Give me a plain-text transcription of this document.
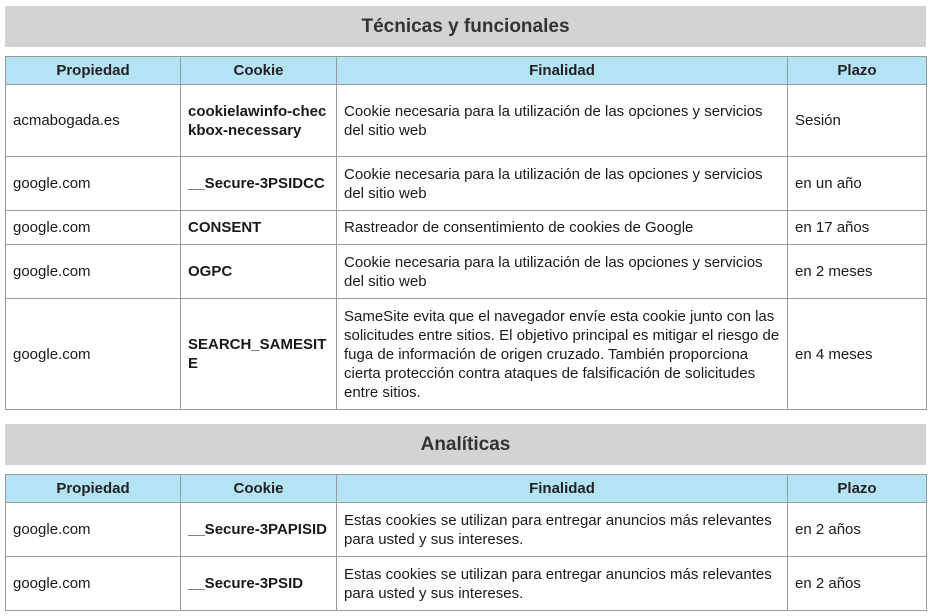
Técnicas y funcionales
Propiedad	Cookie	Finalidad	Plazo
acmabogada.es	cookielawinfo-checkbox-necessary	Cookie necesaria para la utilización de las opciones y servicios del sitio web	Sesión
google.com	__Secure-3PSIDCC	Cookie necesaria para la utilización de las opciones y servicios del sitio web	en un año
google.com	CONSENT	Rastreador de consentimiento de cookies de Google	en 17 años
google.com	OGPC	Cookie necesaria para la utilización de las opciones y servicios del sitio web	en 2 meses
google.com	SEARCH_SAMESITE	SameSite evita que el navegador envíe esta cookie junto con las solicitudes entre sitios. El objetivo principal es mitigar el riesgo de fuga de información de origen cruzado. También proporciona cierta protección contra ataques de falsificación de solicitudes entre sitios.	en 4 meses
Analíticas
Propiedad	Cookie	Finalidad	Plazo
google.com	__Secure-3PAPISID	Estas cookies se utilizan para entregar anuncios más relevantes para usted y sus intereses.	en 2 años
google.com	__Secure-3PSID	Estas cookies se utilizan para entregar anuncios más relevantes para usted y sus intereses.	en 2 años
